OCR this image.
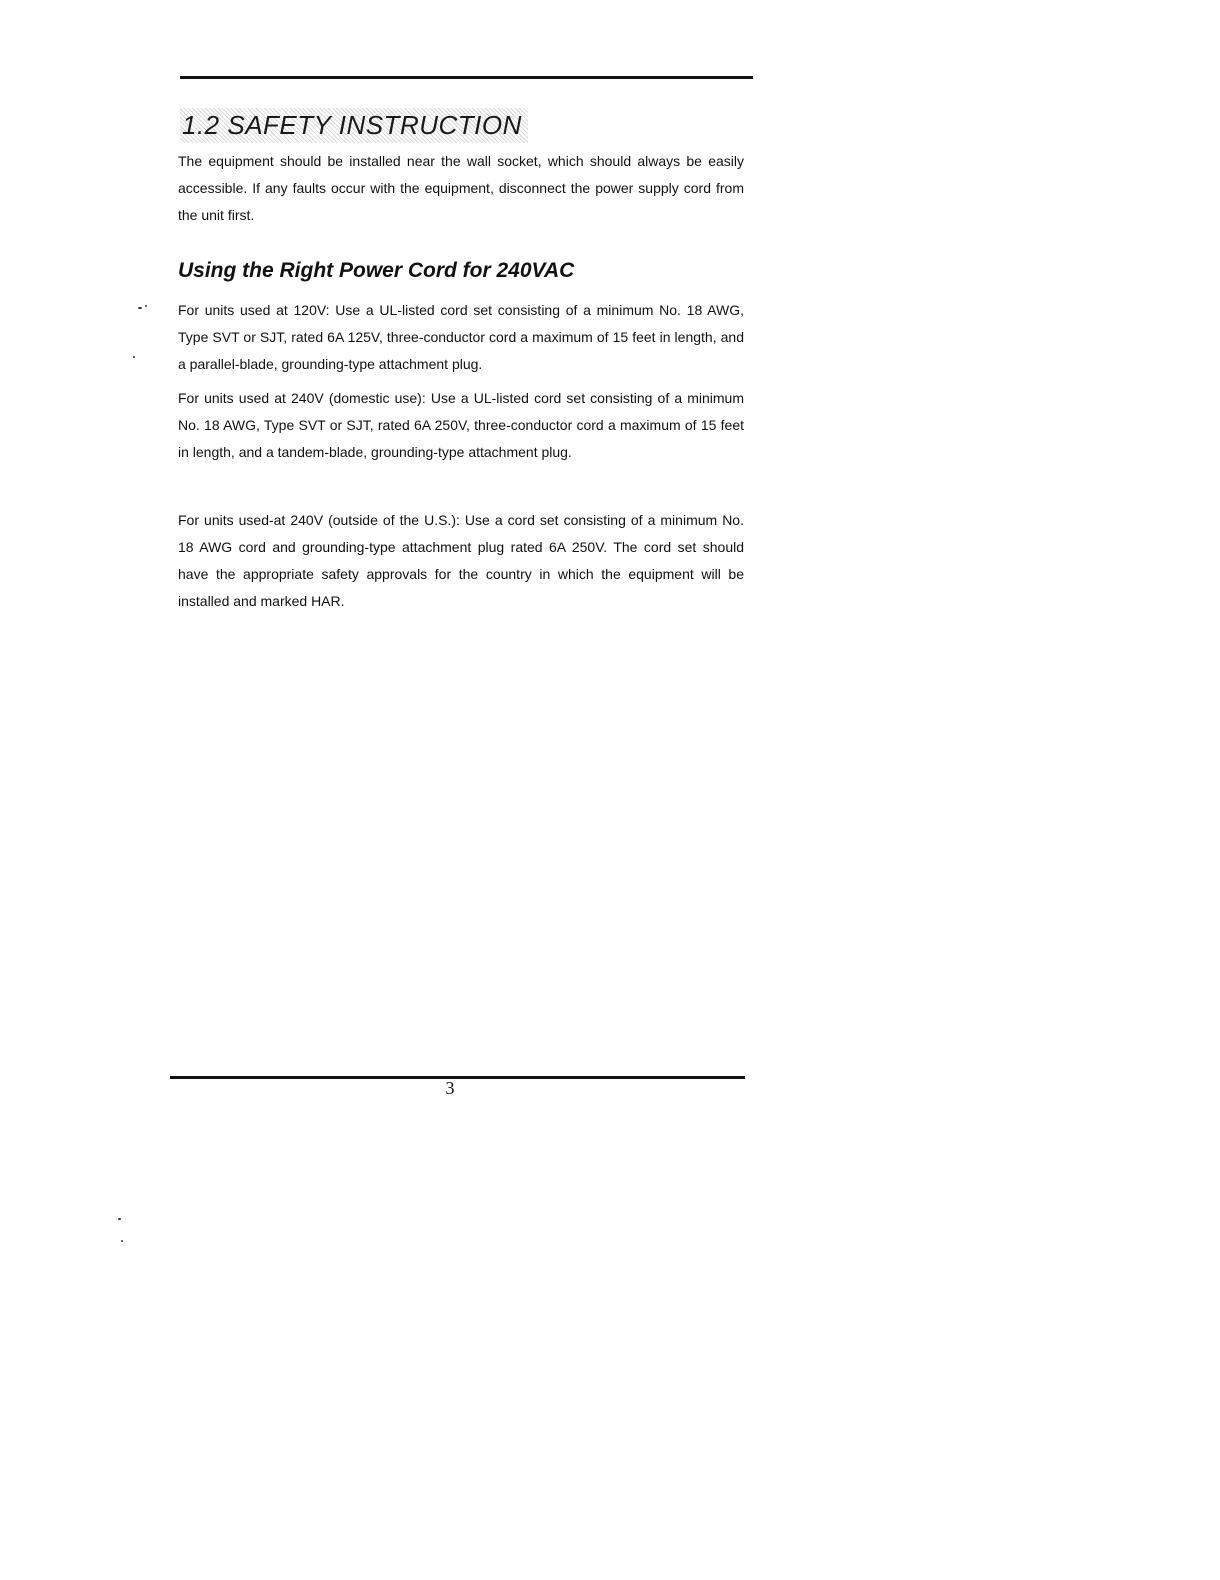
1.2 SAFETY INSTRUCTION

The equipment should be installed near the wall socket, which should always be easily accessible. If any faults occur with the equipment, disconnect the power supply cord from the unit first.

Using the Right Power Cord for 240VAC

For units used at 120V: Use a UL-listed cord set consisting of a minimum No. 18 AWG, Type SVT or SJT, rated 6A 125V, three-conductor cord a maximum of 15 feet in length, and a parallel-blade, grounding-type attachment plug.

For units used at 240V (domestic use): Use a UL-listed cord set consisting of a minimum No. 18 AWG, Type SVT or SJT, rated 6A 250V, three-conductor cord a maximum of 15 feet in length, and a tandem-blade, grounding-type attachment plug.

For units used-at 240V (outside of the U.S.): Use a cord set consisting of a minimum No. 18 AWG cord and grounding-type attachment plug rated 6A 250V. The cord set should have the appropriate safety approvals for the country in which the equipment will be installed and marked HAR.

3
